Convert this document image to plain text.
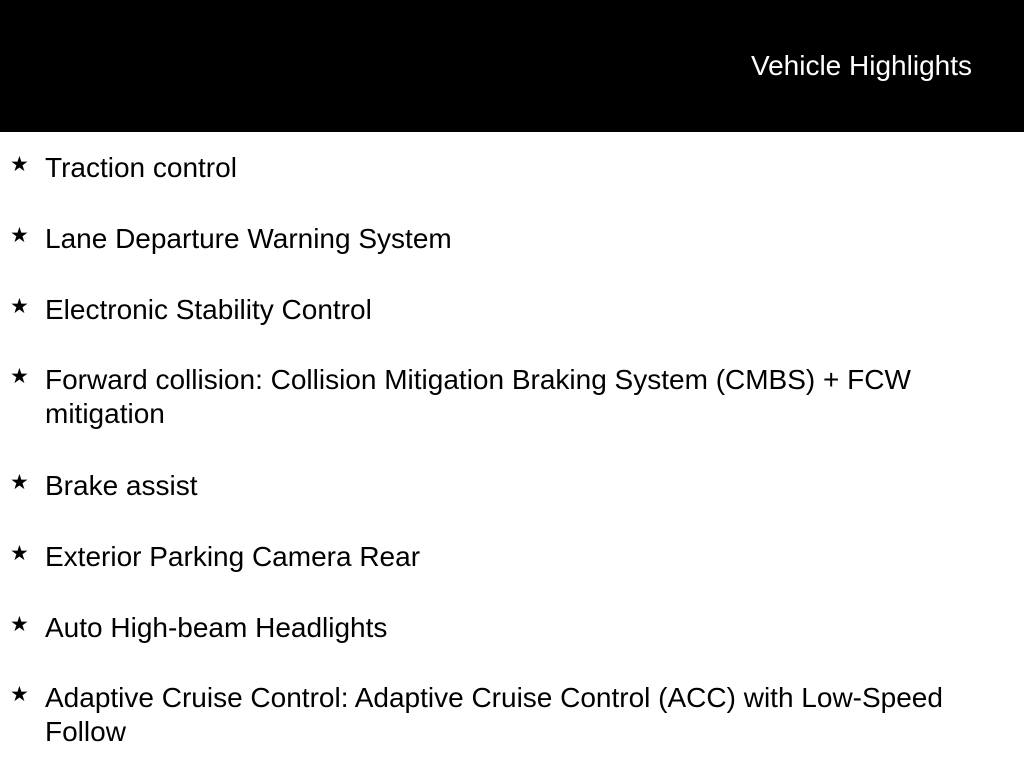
Vehicle Highlights
★ Traction control
★ Lane Departure Warning System
★ Electronic Stability Control
★ Forward collision: Collision Mitigation Braking System (CMBS) + FCW mitigation
★ Brake assist
★ Exterior Parking Camera Rear
★ Auto High-beam Headlights
★ Adaptive Cruise Control: Adaptive Cruise Control (ACC) with Low-Speed Follow
